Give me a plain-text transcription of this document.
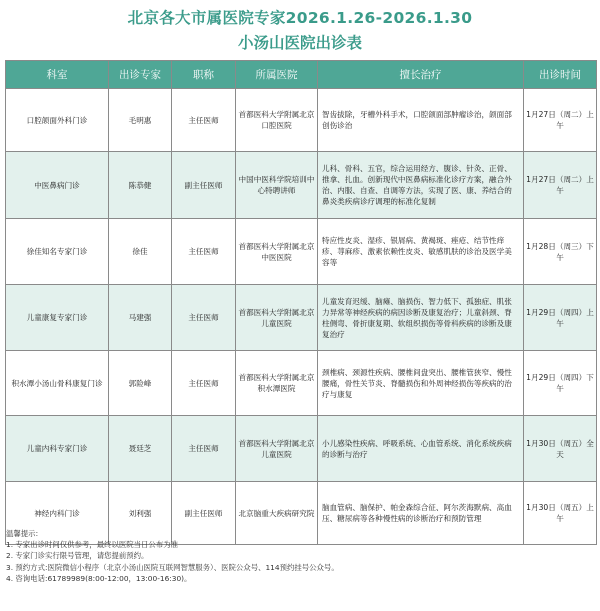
北京各大市属医院专家2026.1.26-2026.1.30
小汤山医院出诊表
科室	出诊专家	职称	所属医院	擅长治疗	出诊时间
口腔颌面外科门诊	毛明惠	主任医师	首都医科大学附属北京口腔医院	智齿拔除，牙槽外科手术，口腔颌面部肿瘤诊治，颌面部创伤诊治	1月27日（周二）上午
中医鼻病门诊	陈恭健	副主任医师	中国中医科学院培训中心特聘讲师	儿科、骨科、五官，综合运用经方、腹诊、针灸、正骨、推拿、扎血。创新现代中医鼻病标准化诊疗方案，融合外治、内服、自查、自调等方法，实现了医、康、养结合的鼻炎类疾病诊疗调理的标准化复制	1月27日（周二）上午
徐佳知名专家门诊	徐佳	主任医师	首都医科大学附属北京中医医院	特应性皮炎、湿疹、银屑病、黄褐斑、痤疮、结节性痒疹、荨麻疹、激素依赖性皮炎、敏感肌肤的诊治及医学美容等	1月28日（周三）下午
儿童康复专家门诊	马建强	主任医师	首都医科大学附属北京儿童医院	儿童发育迟缓、脑瘫、脑损伤、智力低下、孤独症、肌张力异常等神经疾病的病因诊断及康复治疗；儿童斜颈、脊柱侧弯、骨折康复期、软组织损伤等骨科疾病的诊断及康复治疗	1月29日（周四）上午
积水潭小汤山骨科康复门诊	郭险峰	主任医师	首都医科大学附属北京积水潭医院	颈椎病、颈源性疾病、腰椎间盘突出、腰椎管狭窄、慢性腰痛，骨性关节炎、脊髓损伤和外周神经损伤等疾病的治疗与康复	1月29日（周四）下午
儿童内科专家门诊	聂廷芝	主任医师	首都医科大学附属北京儿童医院	小儿感染性疾病、呼吸系统、心血管系统、消化系统疾病的诊断与治疗	1月30日（周五）全天
神经内科门诊	刘利强	副主任医师	北京脑重大疾病研究院	脑血管病、脑保护、帕金森综合征、阿尔茨海默病、高血压、糖尿病等各种慢性病的诊断治疗和预防管理	1月30日（周五）上午
温馨提示:
1. 专家出诊时间仅供参考，最终以医院当日公布为准
2. 专家门诊实行限号管理，请您提前预约。
3. 预约方式:医院微信小程序（北京小汤山医院互联网智慧服务）、医院公众号、114预约挂号公众号。
4. 咨询电话:61789989(8:00-12:00，13:00-16:30)。
